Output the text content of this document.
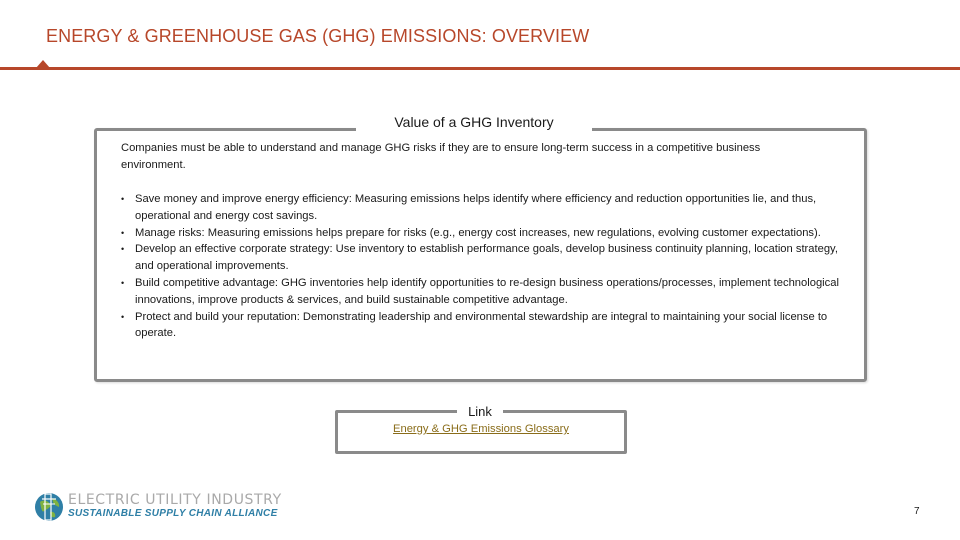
ENERGY & GREENHOUSE GAS (GHG) EMISSIONS: OVERVIEW
Value of a GHG Inventory
Companies must be able to understand and manage GHG risks if they are to ensure long-term success in a competitive business environment.
• Save money and improve energy efficiency: Measuring emissions helps identify where efficiency and reduction opportunities lie, and thus, operational and energy cost savings.
• Manage risks: Measuring emissions helps prepare for risks (e.g., energy cost increases, new regulations, evolving customer expectations).
• Develop an effective corporate strategy: Use inventory to establish performance goals, develop business continuity planning, location strategy, and operational improvements.
• Build competitive advantage: GHG inventories help identify opportunities to re-design business operations/processes, implement technological innovations, improve products & services, and build sustainable competitive advantage.
• Protect and build your reputation: Demonstrating leadership and environmental stewardship are integral to maintaining your social license to operate.
Link
Energy & GHG Emissions Glossary
ELECTRIC UTILITY INDUSTRY
SUSTAINABLE SUPPLY CHAIN ALLIANCE	7
